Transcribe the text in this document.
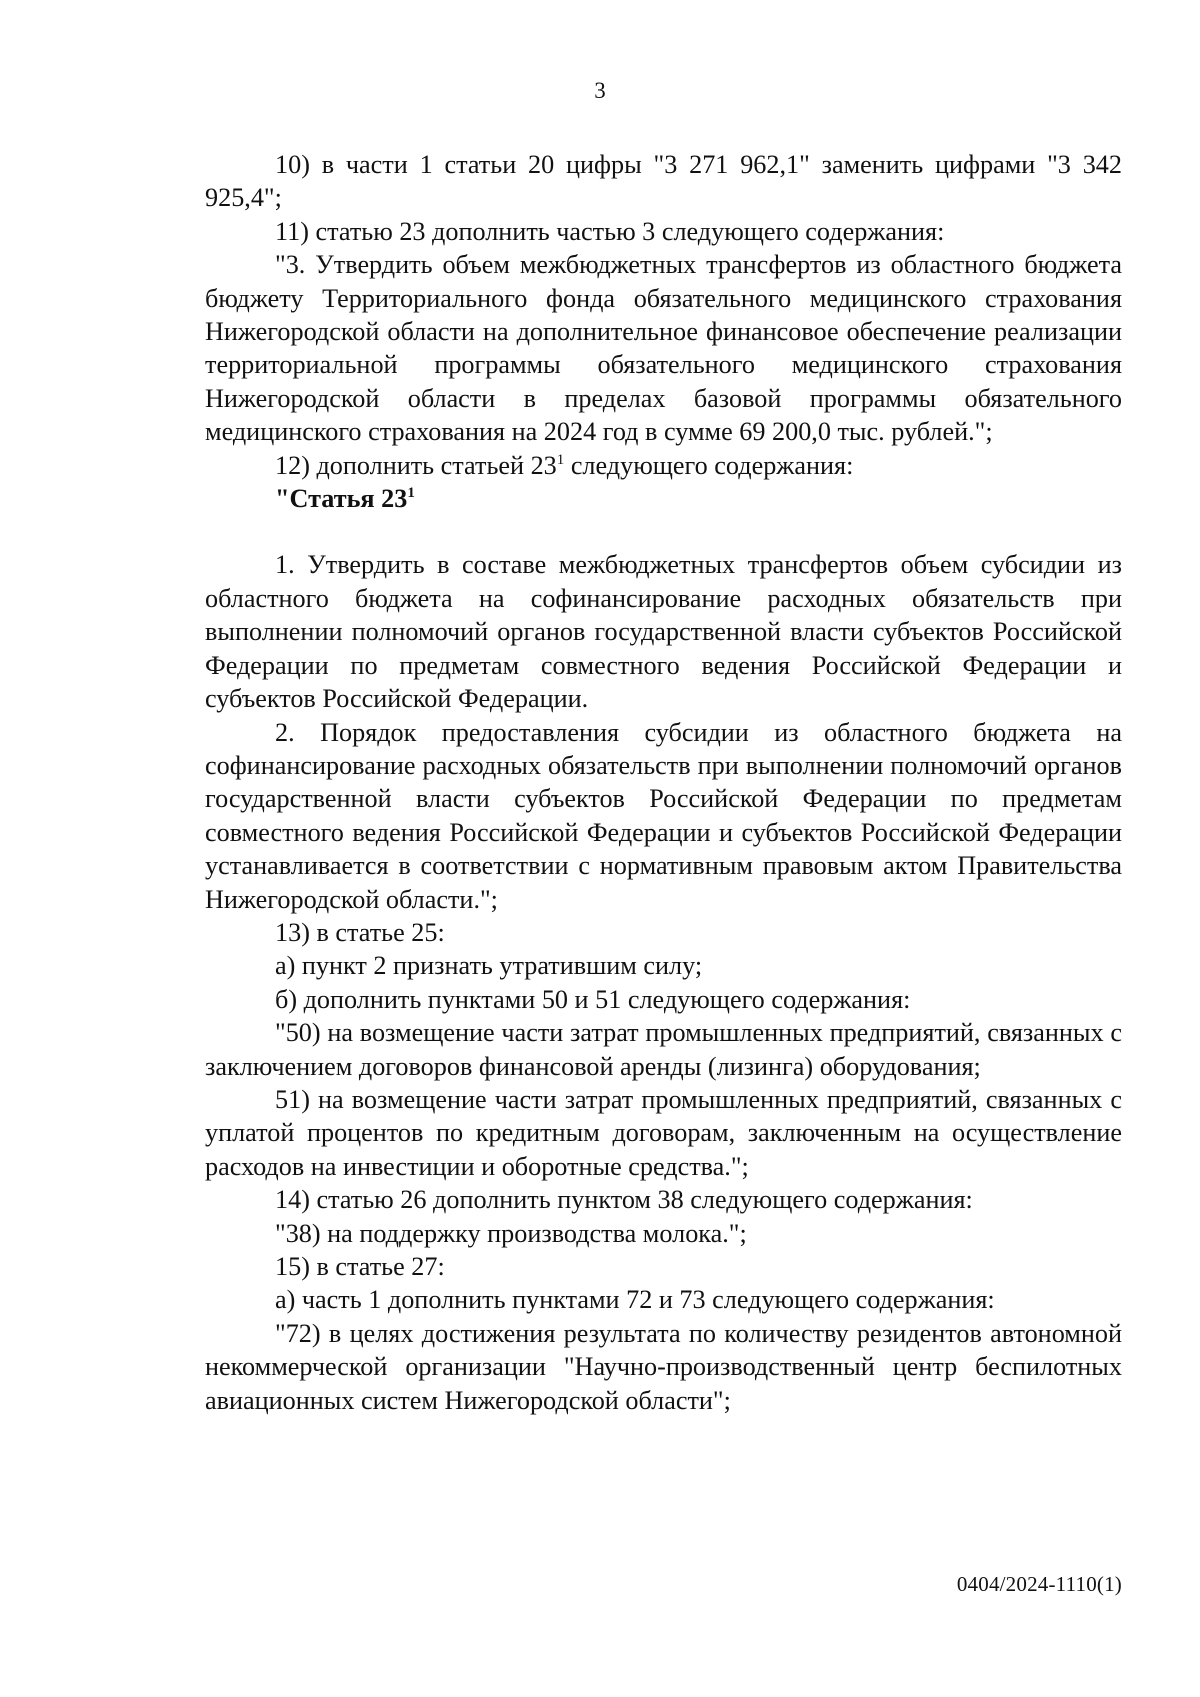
3

10) в части 1 статьи 20 цифры "3 271 962,1" заменить цифрами "3 342 925,4";

11) статью 23 дополнить частью 3 следующего содержания:

"3. Утвердить объем межбюджетных трансфертов из областного бюджета бюджету Территориального фонда обязательного медицинского страхования Нижегородской области на дополнительное финансовое обеспечение реализации территориальной программы обязательного медицинского страхования Нижегородской области в пределах базовой программы обязательного медицинского страхования на 2024 год в сумме 69 200,0 тыс. рублей.";

12) дополнить статьей $23^1$ следующего содержания:

"Статья $23^1$

1. Утвердить в составе межбюджетных трансфертов объем субсидии из областного бюджета на софинансирование расходных обязательств при выполнении полномочий органов государственной власти субъектов Российской Федерации по предметам совместного ведения Российской Федерации и субъектов Российской Федерации.

2. Порядок предоставления субсидии из областного бюджета на софинансирование расходных обязательств при выполнении полномочий органов государственной власти субъектов Российской Федерации по предметам совместного ведения Российской Федерации и субъектов Российской Федерации устанавливается в соответствии с нормативным правовым актом Правительства Нижегородской области.";

13) в статье 25:

а) пункт 2 признать утратившим силу;

б) дополнить пунктами 50 и 51 следующего содержания:

"50) на возмещение части затрат промышленных предприятий, связанных с заключением договоров финансовой аренды (лизинга) оборудования;

51) на возмещение части затрат промышленных предприятий, связанных с уплатой процентов по кредитным договорам, заключенным на осуществление расходов на инвестиции и оборотные средства.";

14) статью 26 дополнить пунктом 38 следующего содержания:

"38) на поддержку производства молока.";

15) в статье 27:

а) часть 1 дополнить пунктами 72 и 73 следующего содержания:

"72) в целях достижения результата по количеству резидентов автономной некоммерческой организации "Научно-производственный центр беспилотных авиационных систем Нижегородской области";

0404/2024-1110(1)
